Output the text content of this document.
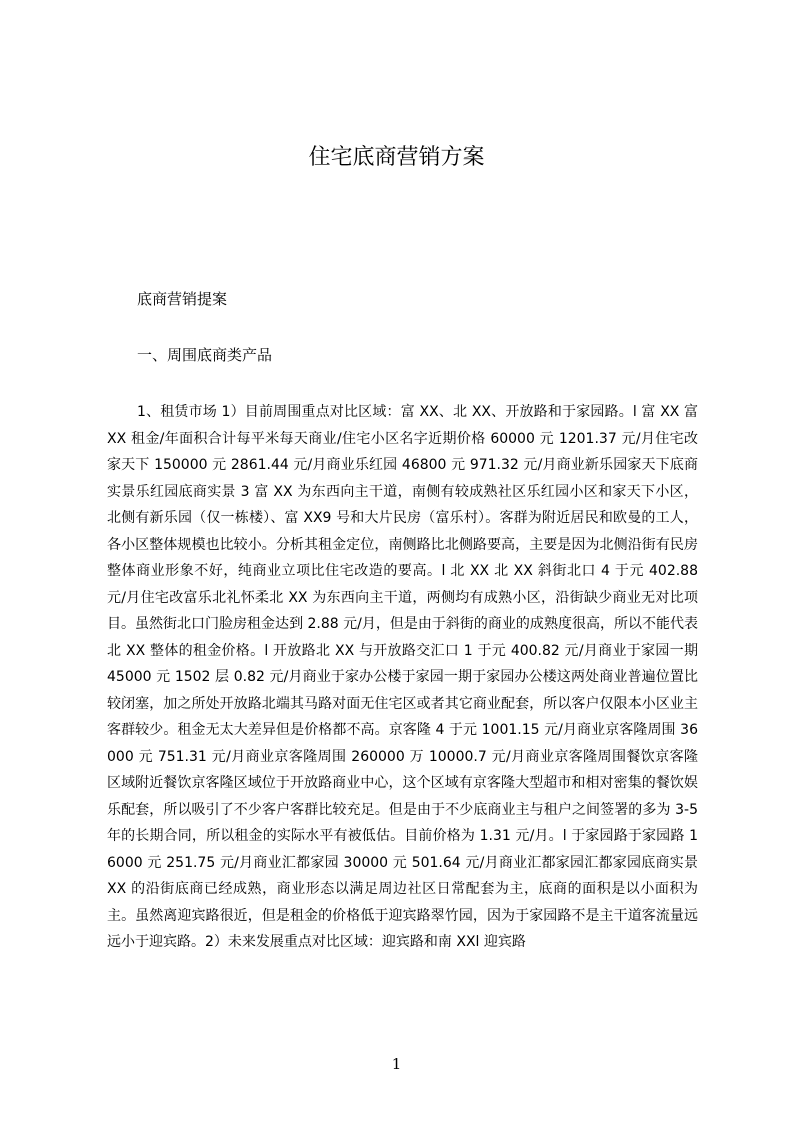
住宅底商营销方案
底商营销提案
一、周围底商类产品

1、租赁市场 1）目前周围重点对比区域：富 XX、北 XX、开放路和于家园路。l 富 XX 富 XX 租金/年面积合计每平米每天商业/住宅小区名字近期价格 60000 元 1201.37 元/月住宅改家天下 150000 元 2861.44 元/月商业乐红园 46800 元 971.32 元/月商业新乐园家天下底商实景乐红园底商实景 3 富 XX 为东西向主干道，南侧有较成熟社区乐红园小区和家天下小区，北侧有新乐园（仅一栋楼）、富 XX9 号和大片民房（富乐村）。客群为附近居民和欧曼的工人，各小区整体规模也比较小。分析其租金定位，南侧路比北侧路要高，主要是因为北侧沿街有民房整体商业形象不好，纯商业立项比住宅改造的要高。l 北 XX 北 XX 斜街北口 4 于元 402.88 元/月住宅改富乐北礼怀柔北 XX 为东西向主干道，两侧均有成熟小区，沿街缺少商业无对比项目。虽然街北口门脸房租金达到 2.88 元/月，但是由于斜街的商业的成熟度很高，所以不能代表北 XX 整体的租金价格。l 开放路北 XX 与开放路交汇口 1 于元 400.82 元/月商业于家园一期 45000 元 1502 层 0.82 元/月商业于家办公楼于家园一期于家园办公楼这两处商业普遍位置比较闭塞，加之所处开放路北端其马路对面无住宅区或者其它商业配套，所以客户仅限本小区业主客群较少。租金无太大差异但是价格都不高。京客隆 4 于元 1001.15 元/月商业京客隆周围 36000 元 751.31 元/月商业京客隆周围 260000 万 10000.7 元/月商业京客隆周围餐饮京客隆区域附近餐饮京客隆区域位于开放路商业中心，这个区域有京客隆大型超市和相对密集的餐饮娱乐配套，所以吸引了不少客户客群比较充足。但是由于不少底商业主与租户之间签署的多为 3-5 年的长期合同，所以租金的实际水平有被低估。目前价格为 1.31 元/月。l 于家园路于家园路 16000 元 251.75 元/月商业汇都家园 30000 元 501.64 元/月商业汇都家园汇都家园底商实景 XX 的沿街底商已经成熟，商业形态以满足周边社区日常配套为主，底商的面积是以小面积为主。虽然离迎宾路很近，但是租金的价格低于迎宾路翠竹园，因为于家园路不是主干道客流量远远小于迎宾路。2）未来发展重点对比区域：迎宾路和南 XXl 迎宾路

1
